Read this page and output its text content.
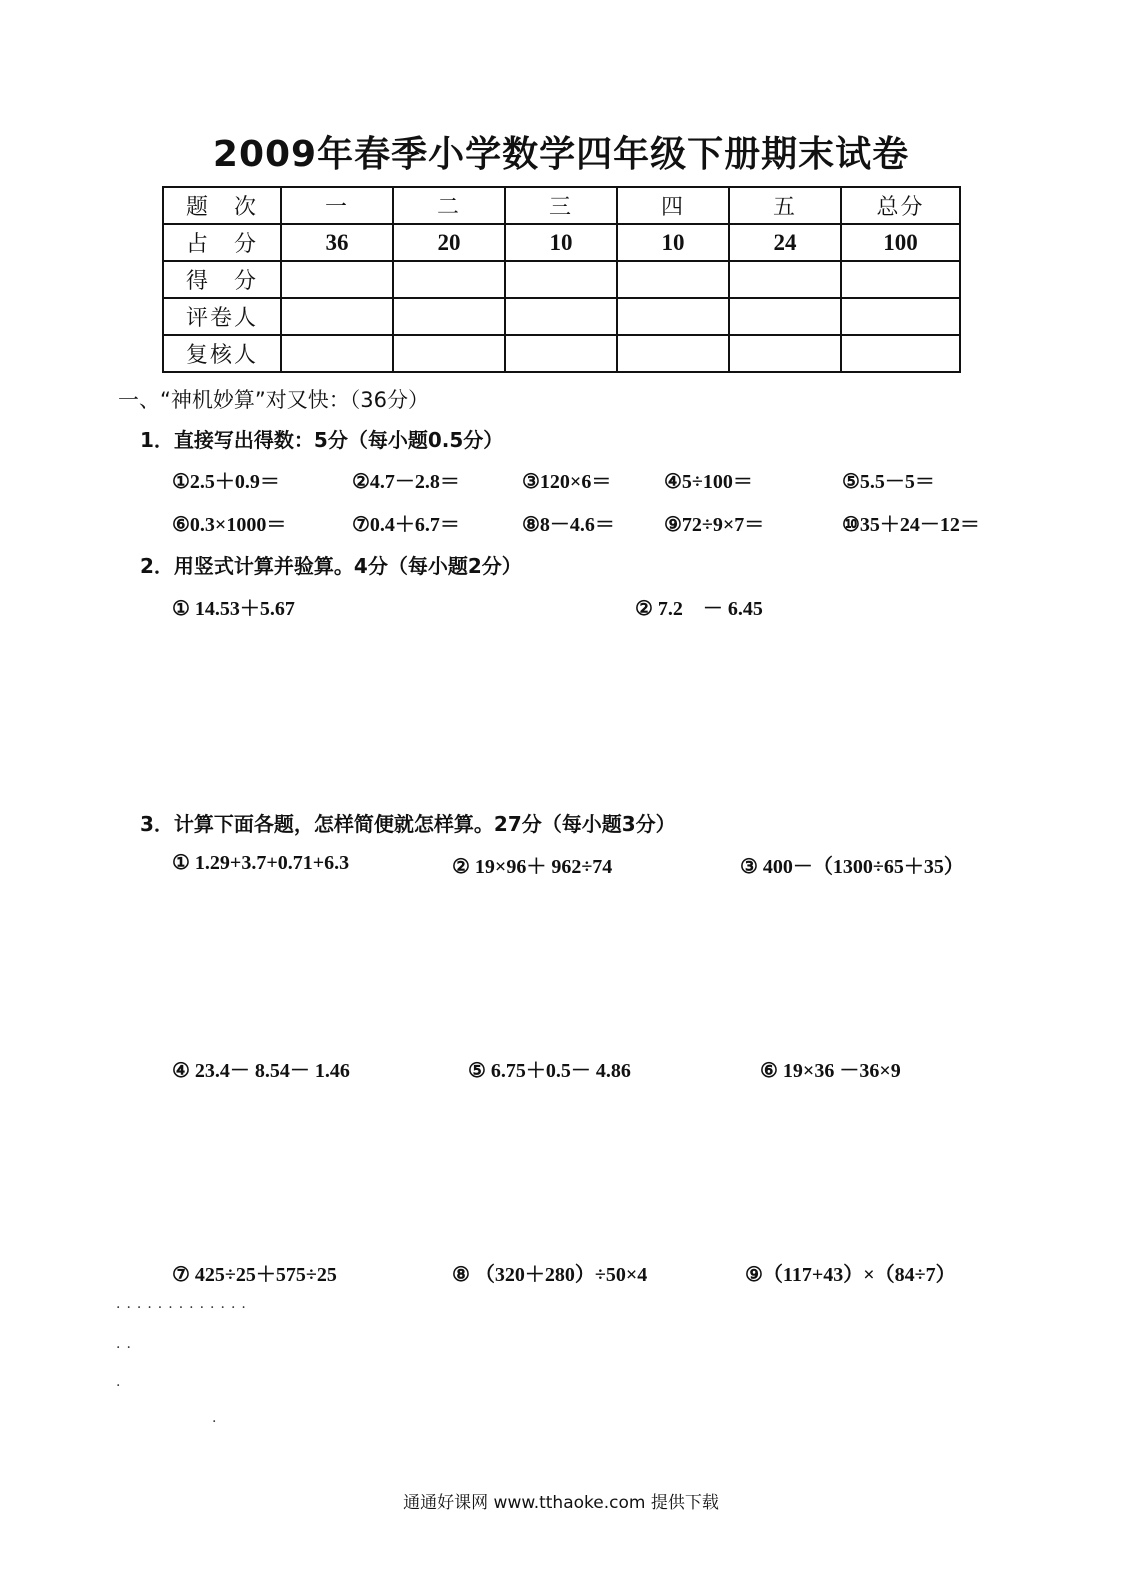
2009年春季小学数学四年级下册期末试卷
题　次	一	二	三	四	五	总分
占　分	36	20	10	10	24	100
得　分						
评卷人						
复核人						
一、“神机妙算”对又快：（36分）
1．直接写出得数：5分（每小题0.5分）
①2.5＋0.9＝	②4.7－2.8＝	③120×6＝	④5÷100＝	⑤5.5－5＝
⑥0.3×1000＝	⑦0.4＋6.7＝	⑧8－4.6＝ ⑨72÷9×7＝	⑩35＋24－12＝
2．用竖式计算并验算。4分（每小题2分）
① 14.53＋5.67	② 7.2　－ 6.45
3．计算下面各题，怎样简便就怎样算。27分（每小题3分）
① 1.29+3.7+0.71+6.3	② 19×96＋ 962÷74	③ 400－（1300÷65＋35）
④ 23.4－ 8.54－ 1.46	⑤ 6.75＋0.5－ 4.86	⑥ 19×36 －36×9
⑦ 425÷25＋575÷25	⑧ （320＋280）÷50×4	⑨（117+43）×（84÷7）
·············
··
·
·
通通好课网 www.tthaoke.com 提供下载
